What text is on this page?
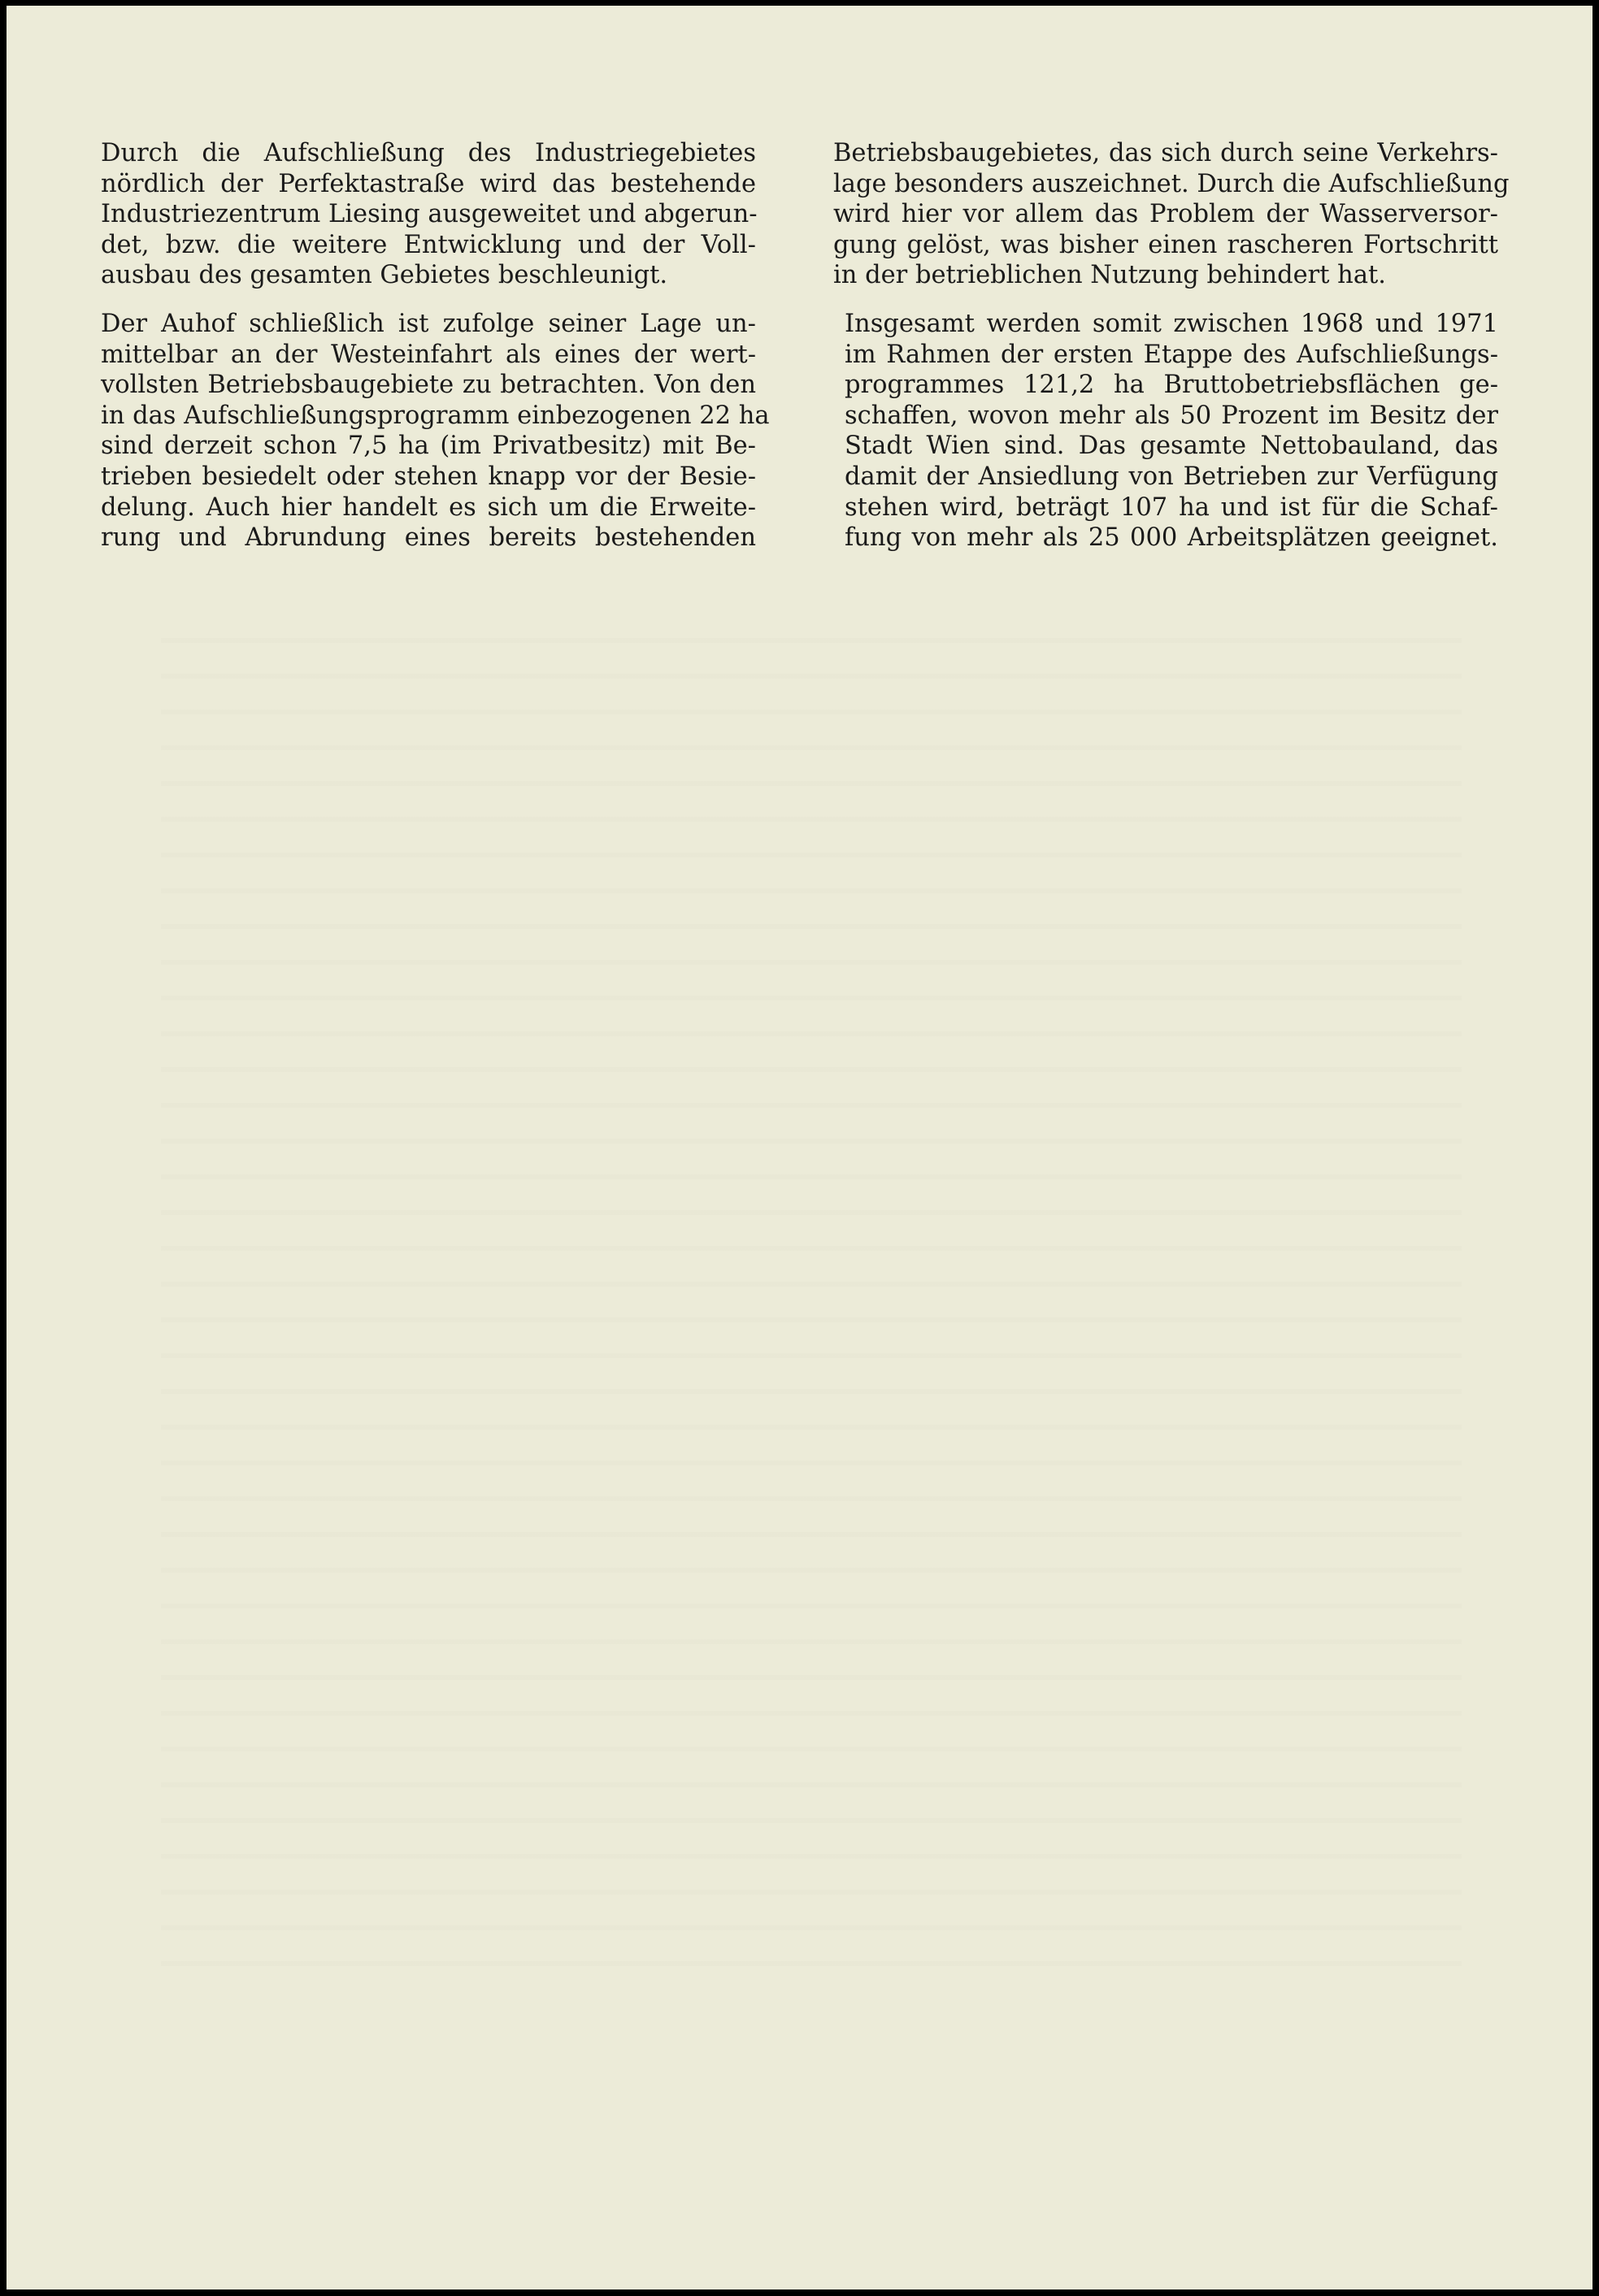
Durch die Aufschließung des Industriegebietes
nördlich der Perfektastraße wird das bestehende
Industriezentrum Liesing ausgeweitet und abgerun-
det, bzw. die weitere Entwicklung und der Voll-
ausbau des gesamten Gebietes beschleunigt.

Der Auhof schließlich ist zufolge seiner Lage un-
mittelbar an der Westeinfahrt als eines der wert-
vollsten Betriebsbaugebiete zu betrachten. Von den
in das Aufschließungsprogramm einbezogenen 22 ha
sind derzeit schon 7,5 ha (im Privatbesitz) mit Be-
trieben besiedelt oder stehen knapp vor der Besie-
delung. Auch hier handelt es sich um die Erweite-
rung und Abrundung eines bereits bestehenden

Betriebsbaugebietes, das sich durch seine Verkehrs-
lage besonders auszeichnet. Durch die Aufschließung
wird hier vor allem das Problem der Wasserversor-
gung gelöst, was bisher einen rascheren Fortschritt
in der betrieblichen Nutzung behindert hat.

Insgesamt werden somit zwischen 1968 und 1971
im Rahmen der ersten Etappe des Aufschließungs-
programmes 121,2 ha Bruttobetriebsflächen ge-
schaffen, wovon mehr als 50 Prozent im Besitz der
Stadt Wien sind. Das gesamte Nettobauland, das
damit der Ansiedlung von Betrieben zur Verfügung
stehen wird, beträgt 107 ha und ist für die Schaf-
fung von mehr als 25 000 Arbeitsplätzen geeignet.
